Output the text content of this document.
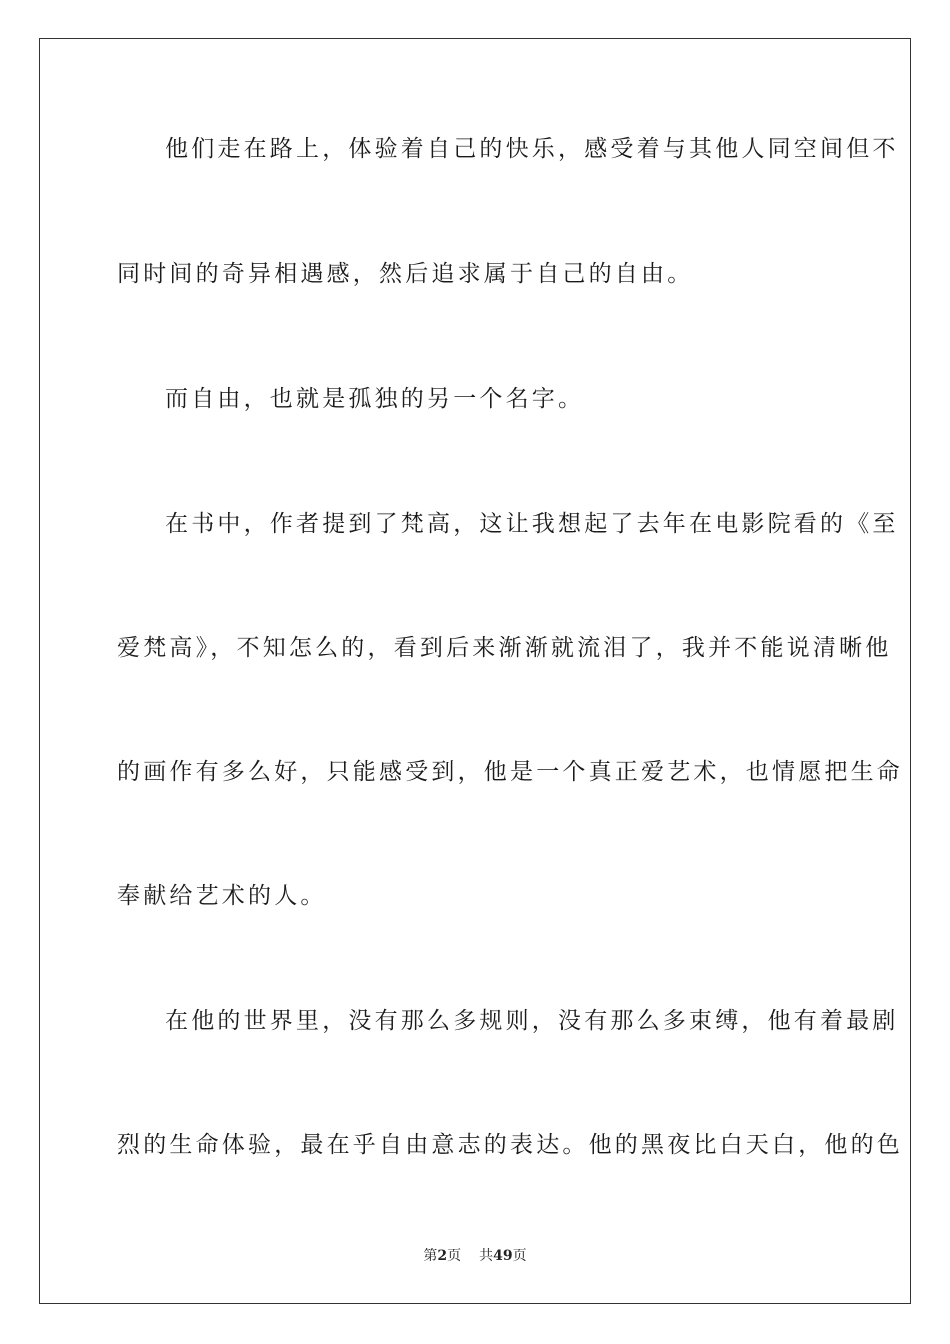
他们走在路上，体验着自己的快乐，感受着与其他人同空间但不
同时间的奇异相遇感，然后追求属于自己的自由。
而自由，也就是孤独的另一个名字。
在书中，作者提到了梵高，这让我想起了去年在电影院看的《至
爱梵高》，不知怎么的，看到后来渐渐就流泪了，我并不能说清晰他
的画作有多么好，只能感受到，他是一个真正爱艺术，也情愿把生命
奉献给艺术的人。
在他的世界里，没有那么多规则，没有那么多束缚，他有着最剧
烈的生命体验，最在乎自由意志的表达。他的黑夜比白天白，他的色
第2页 共49页
